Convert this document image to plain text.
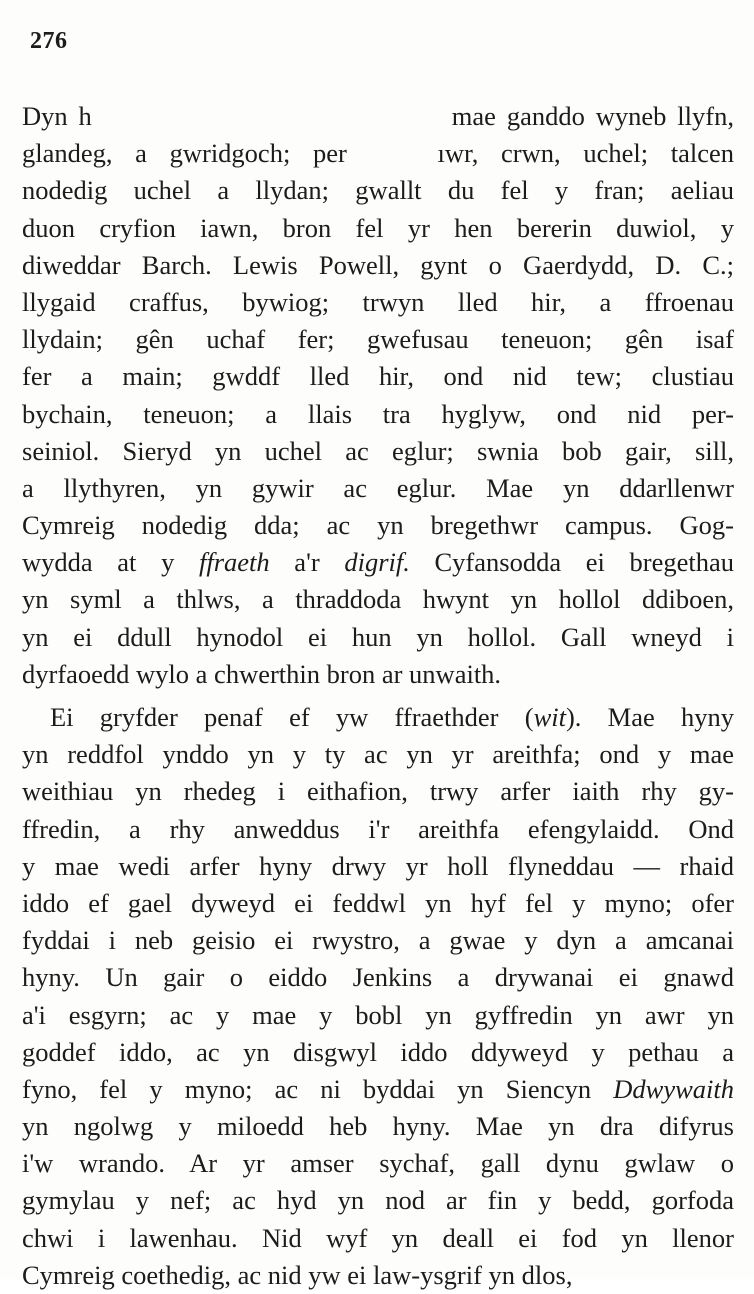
276
Dyn h                                 mae ganddo wyneb llyfn,
glandeg, a gwridgoch; per    ıwr, crwn, uchel; talcen
nodedig uchel a llydan; gwallt du fel y fran; aeliau
duon cryfion iawn, bron fel yr hen bererin duwiol, y
diweddar Barch. Lewis Powell, gynt o Gaerdydd, D. C.;
llygaid craffus, bywiog; trwyn lled hir, a ffroenau
llydain; gên uchaf fer; gwefusau teneuon; gên isaf
fer a main; gwddf lled hir, ond nid tew; clustiau
bychain, teneuon; a llais tra hyglyw, ond nid per-
seiniol. Sieryd yn uchel ac eglur; swnia bob gair, sill,
a llythyren, yn gywir ac eglur. Mae yn ddarllenwr
Cymreig nodedig dda; ac yn bregethwr campus. Gog-
wydda at y ffraeth a'r digrif. Cyfansodda ei bregethau
yn syml a thlws, a thraddoda hwynt yn hollol ddiboen,
yn ei ddull hynodol ei hun yn hollol. Gall wneyd i
dyrfaoedd wylo a chwerthin bron ar unwaith.
Ei gryfder penaf ef yw ffraethder (wit). Mae hyny
yn reddfol ynddo yn y ty ac yn yr areithfa; ond y mae
weithiau yn rhedeg i eithafion, trwy arfer iaith rhy gy-
ffredin, a rhy anweddus i'r areithfa efengylaidd. Ond
y mae wedi arfer hyny drwy yr holl flyneddau — rhaid
iddo ef gael dyweyd ei feddwl yn hyf fel y myno; ofer
fyddai i neb geisio ei rwystro, a gwae y dyn a amcanai
hyny. Un gair o eiddo Jenkins a drywanai ei gnawd
a'i esgyrn; ac y mae y bobl yn gyffredin yn awr yn
goddef iddo, ac yn disgwyl iddo ddyweyd y pethau a
fyno, fel y myno; ac ni byddai yn Siencyn Ddwywaith
yn ngolwg y miloedd heb hyny. Mae yn dra difyrus
i'w wrando. Ar yr amser sychaf, gall dynu gwlaw o
gymylau y nef; ac hyd yn nod ar fin y bedd, gorfoda
chwi i lawenhau. Nid wyf yn deall ei fod yn llenor
Cymreig coethedig, ac nid yw ei law-ysgrif yn dlos,
